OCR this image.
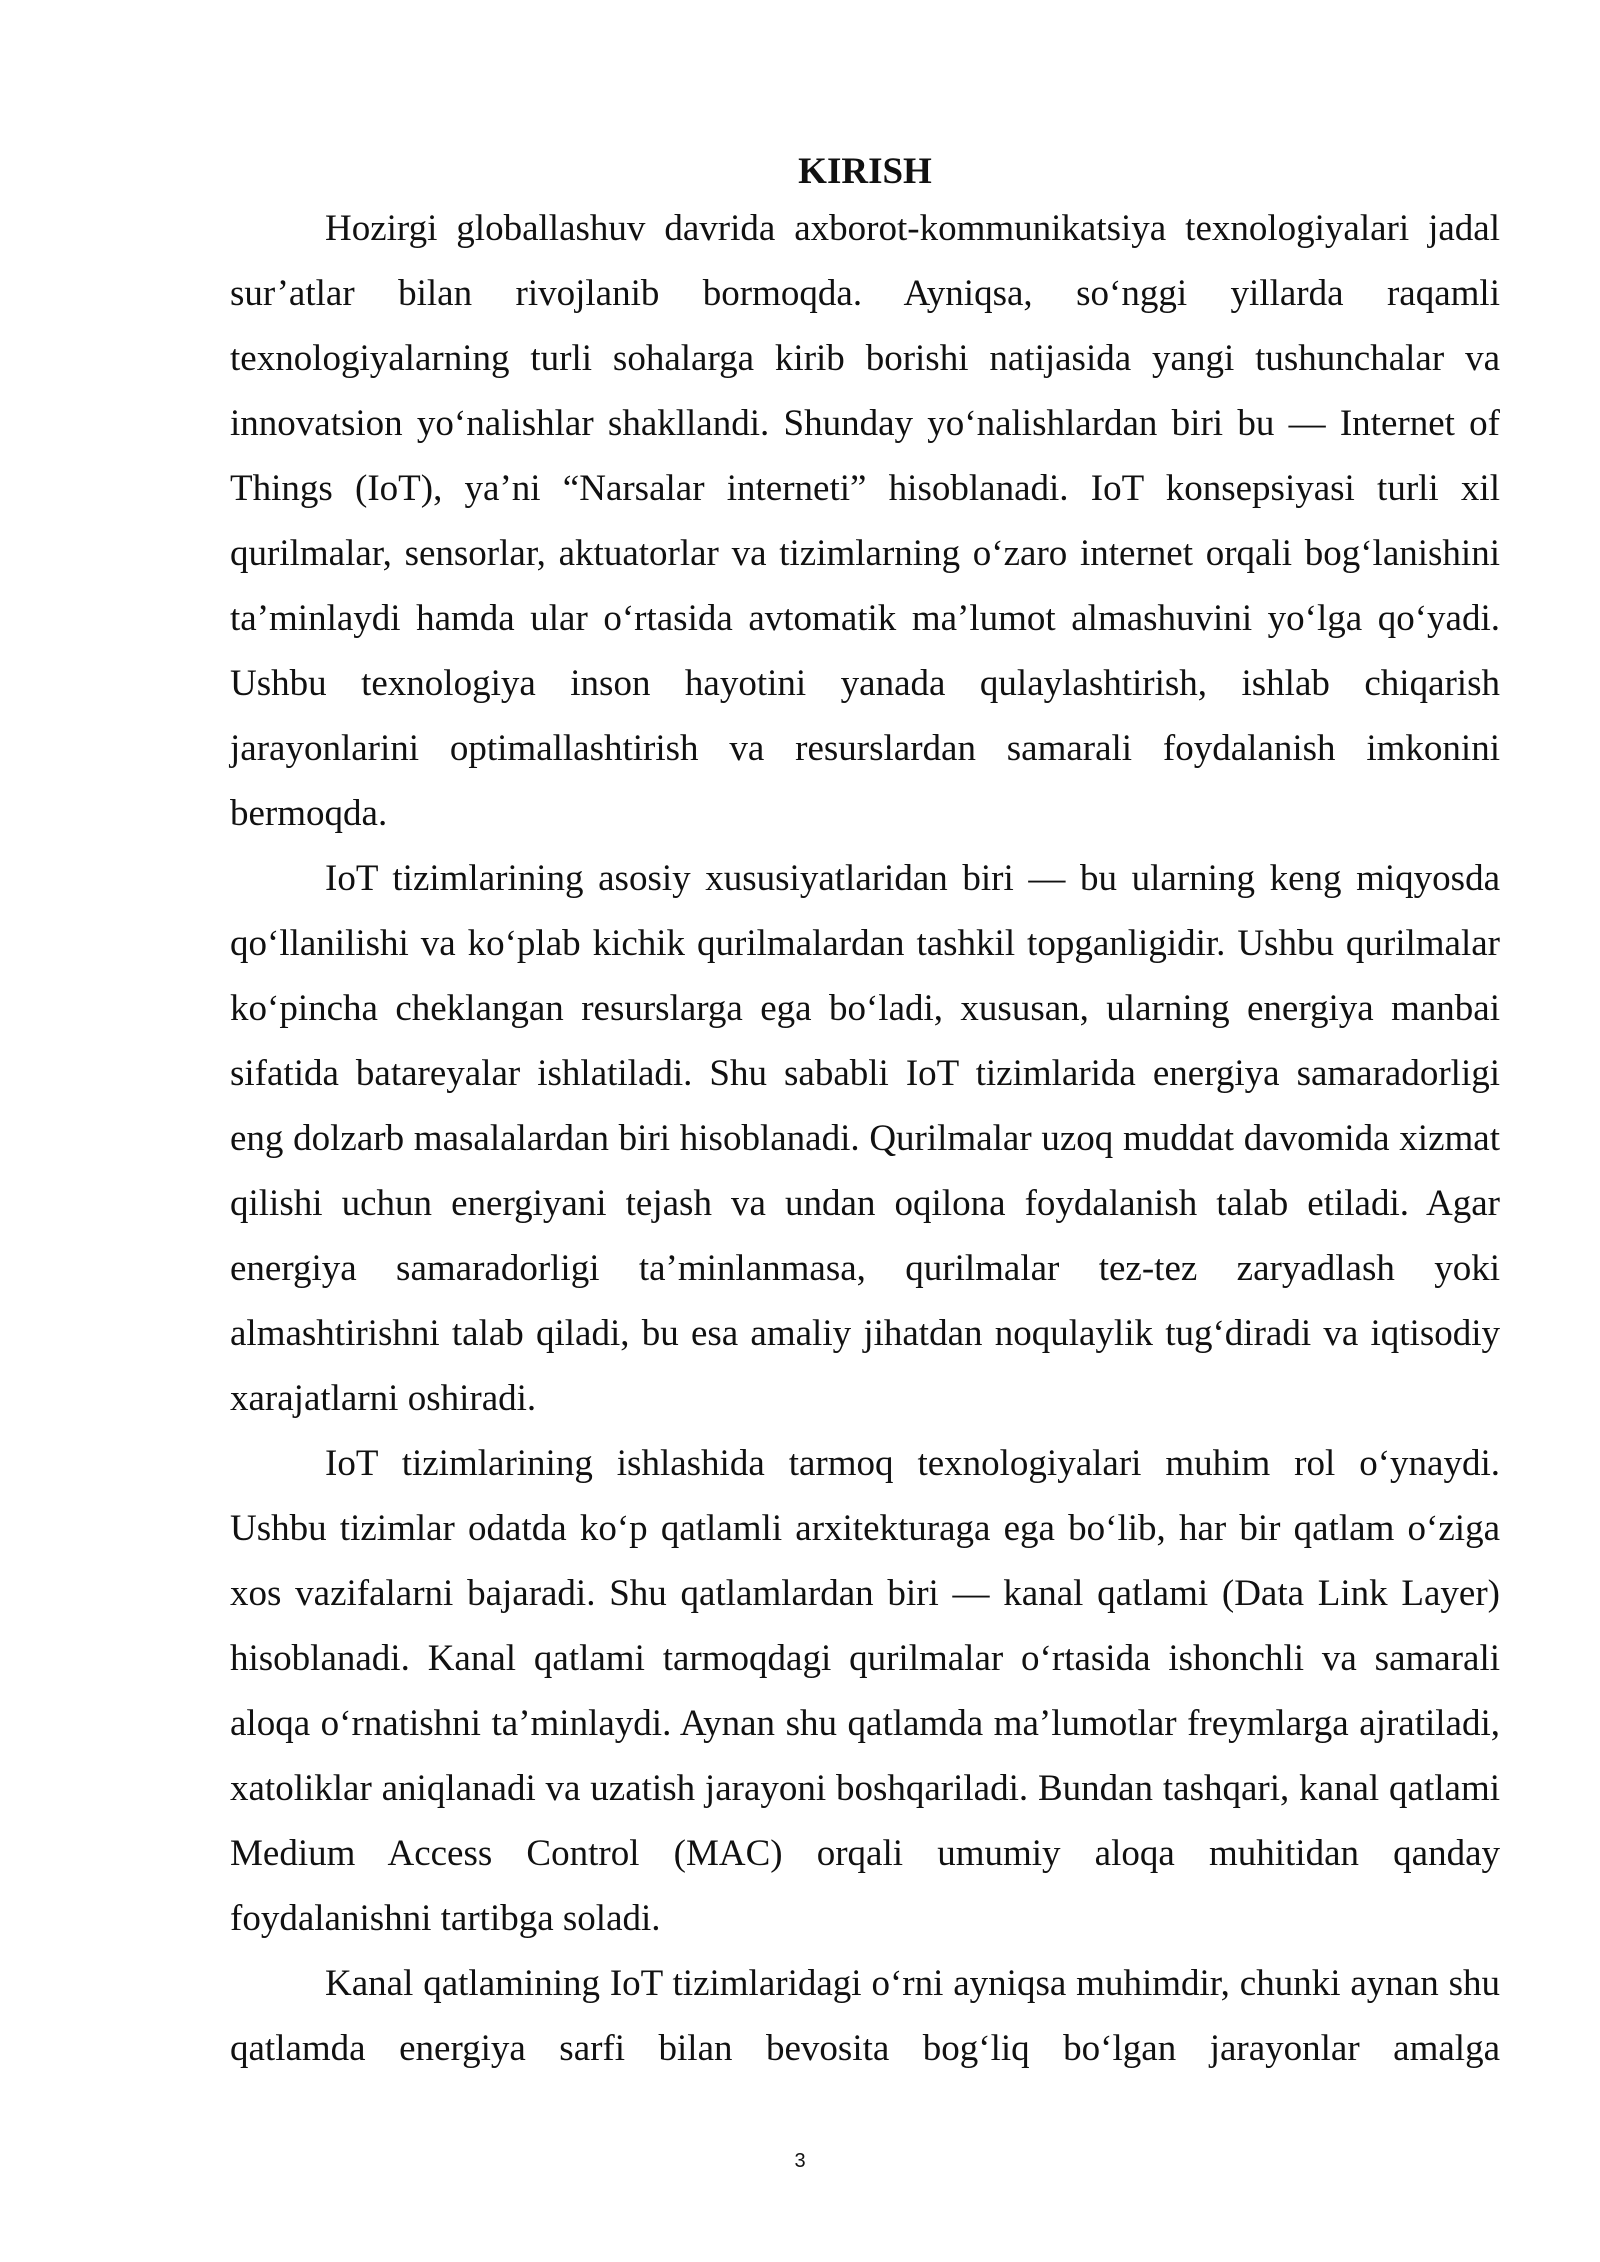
KIRISH

Hozirgi globallashuv davrida axborot-kommunikatsiya texnologiyalari jadal sur’atlar bilan rivojlanib bormoqda. Ayniqsa, so‘nggi yillarda raqamli texnologiyalarning turli sohalarga kirib borishi natijasida yangi tushunchalar va innovatsion yo‘nalishlar shakllandi. Shunday yo‘nalishlardan biri bu — Internet of Things (IoT), ya’ni “Narsalar interneti” hisoblanadi. IoT konsepsiyasi turli xil qurilmalar, sensorlar, aktuatorlar va tizimlarning o‘zaro internet orqali bog‘lanishini ta’minlaydi hamda ular o‘rtasida avtomatik ma’lumot almashuvini yo‘lga qo‘yadi. Ushbu texnologiya inson hayotini yanada qulaylashtirish, ishlab chiqarish jarayonlarini optimallashtirish va resurslardan samarali foydalanish imkonini bermoqda.

IoT tizimlarining asosiy xususiyatlaridan biri — bu ularning keng miqyosda qo‘llanilishi va ko‘plab kichik qurilmalardan tashkil topganligidir. Ushbu qurilmalar ko‘pincha cheklangan resurslarga ega bo‘ladi, xususan, ularning energiya manbai sifatida batareyalar ishlatiladi. Shu sababli IoT tizimlarida energiya samaradorligi eng dolzarb masalalardan biri hisoblanadi. Qurilmalar uzoq muddat davomida xizmat qilishi uchun energiyani tejash va undan oqilona foydalanish talab etiladi. Agar energiya samaradorligi ta’minlanmasa, qurilmalar tez-tez zaryadlash yoki almashtirishni talab qiladi, bu esa amaliy jihatdan noqulaylik tug‘diradi va iqtisodiy xarajatlarni oshiradi.

IoT tizimlarining ishlashida tarmoq texnologiyalari muhim rol o‘ynaydi. Ushbu tizimlar odatda ko‘p qatlamli arxitekturaga ega bo‘lib, har bir qatlam o‘ziga xos vazifalarni bajaradi. Shu qatlamlardan biri — kanal qatlami (Data Link Layer) hisoblanadi. Kanal qatlami tarmoqdagi qurilmalar o‘rtasida ishonchli va samarali aloqa o‘rnatishni ta’minlaydi. Aynan shu qatlamda ma’lumotlar freymlarga ajratiladi, xatoliklar aniqlanadi va uzatish jarayoni boshqariladi. Bundan tashqari, kanal qatlami Medium Access Control (MAC) orqali umumiy aloqa muhitidan qanday foydalanishni tartibga soladi.

Kanal qatlamining IoT tizimlaridagi o‘rni ayniqsa muhimdir, chunki aynan shu qatlamda energiya sarfi bilan bevosita bog‘liq bo‘lgan jarayonlar amalga

3
